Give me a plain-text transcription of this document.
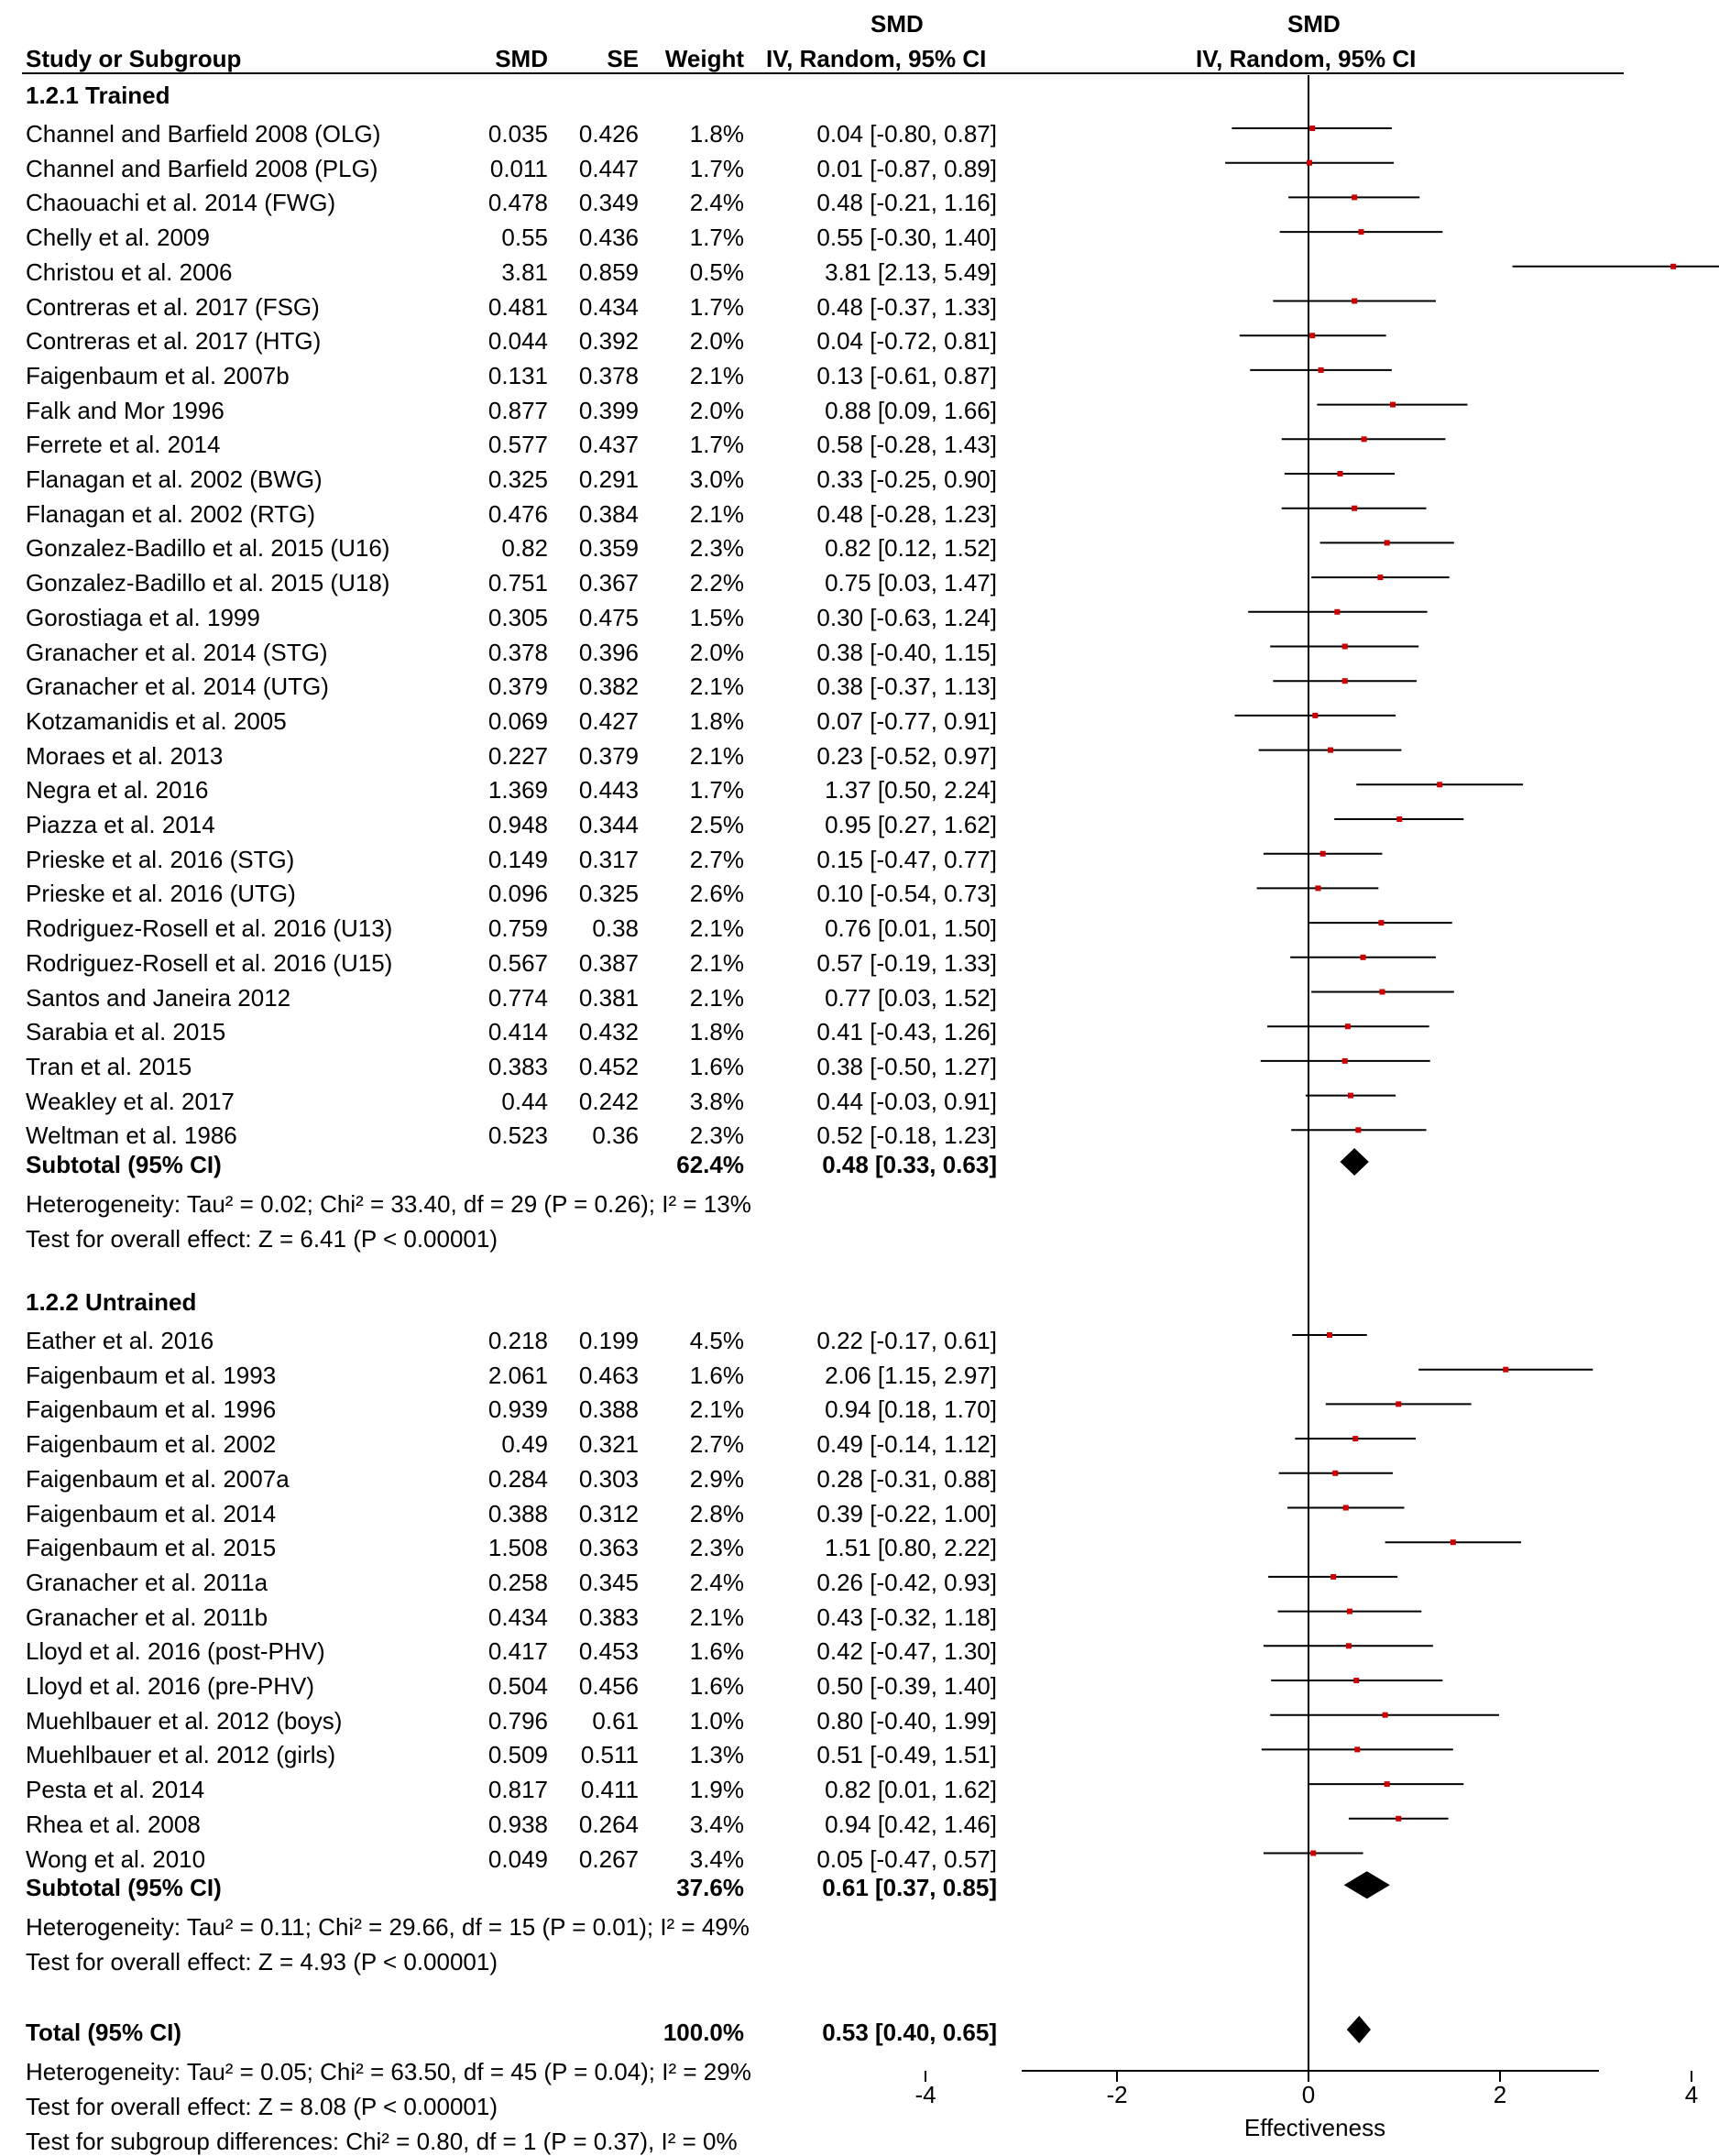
Study or Subgroup	SMD SE Weight
SMD
IV, Random, 95% CI
SMD
IV, Random, 95% CI
1.2.1 Trained
Channel and Barfield 2008 (OLG)	0.035 0.426 1.8%	0.04 [-0.80, 0.87]
Channel and Barfield 2008 (PLG)	0.011 0.447 1.7%	0.01 [-0.87, 0.89]
Chaouachi et al. 2014 (FWG)	0.478 0.349 2.4%	0.48 [-0.21, 1.16]
Chelly et al. 2009	0.55 0.436 1.7%	0.55 [-0.30, 1.40]
Christou et al. 2006	3.81 0.859 0.5%	3.81 [2.13, 5.49]
Contreras et al. 2017 (FSG)	0.481 0.434 1.7%	0.48 [-0.37, 1.33]
Contreras et al. 2017 (HTG)	0.044 0.392 2.0%	0.04 [-0.72, 0.81]
Faigenbaum et al. 2007b	0.131 0.378 2.1%	0.13 [-0.61, 0.87]
Falk and Mor 1996	0.877 0.399 2.0%	0.88 [0.09, 1.66]
Ferrete et al. 2014	0.577 0.437 1.7%	0.58 [-0.28, 1.43]
Flanagan et al. 2002 (BWG)	0.325 0.291 3.0%	0.33 [-0.25, 0.90]
Flanagan et al. 2002 (RTG)	0.476 0.384 2.1%	0.48 [-0.28, 1.23]
Gonzalez-Badillo et al. 2015 (U16)	0.82 0.359 2.3%	0.82 [0.12, 1.52]
Gonzalez-Badillo et al. 2015 (U18)	0.751 0.367 2.2%	0.75 [0.03, 1.47]
Gorostiaga et al. 1999	0.305 0.475 1.5%	0.30 [-0.63, 1.24]
Granacher et al. 2014 (STG)	0.378 0.396 2.0%	0.38 [-0.40, 1.15]
Granacher et al. 2014 (UTG)	0.379 0.382 2.1%	0.38 [-0.37, 1.13]
Kotzamanidis et al. 2005	0.069 0.427 1.8%	0.07 [-0.77, 0.91]
Moraes et al. 2013	0.227 0.379 2.1%	0.23 [-0.52, 0.97]
Negra et al. 2016	1.369 0.443 1.7%	1.37 [0.50, 2.24]
Piazza et al. 2014	0.948 0.344 2.5%	0.95 [0.27, 1.62]
Prieske et al. 2016 (STG)	0.149 0.317 2.7%	0.15 [-0.47, 0.77]
Prieske et al. 2016 (UTG)	0.096 0.325 2.6%	0.10 [-0.54, 0.73]
Rodriguez-Rosell et al. 2016 (U13)	0.759 0.38 2.1%	0.76 [0.01, 1.50]
Rodriguez-Rosell et al. 2016 (U15)	0.567 0.387 2.1%	0.57 [-0.19, 1.33]
Santos and Janeira 2012	0.774 0.381 2.1%	0.77 [0.03, 1.52]
Sarabia et al. 2015	0.414 0.432 1.8%	0.41 [-0.43, 1.26]
Tran et al. 2015	0.383 0.452 1.6%	0.38 [-0.50, 1.27]
Weakley et al. 2017	0.44 0.242 3.8%	0.44 [-0.03, 0.91]
Weltman et al. 1986	0.523 0.36 2.3%	0.52 [-0.18, 1.23]
Subtotal (95% CI)	62.4%	0.48 [0.33, 0.63]
Heterogeneity: Tau² = 0.02; Chi² = 33.40, df = 29 (P = 0.26); I² = 13%
Test for overall effect: Z = 6.41 (P < 0.00001)
1.2.2 Untrained
Eather et al. 2016	0.218 0.199 4.5%	0.22 [-0.17, 0.61]
Faigenbaum et al. 1993	2.061 0.463 1.6%	2.06 [1.15, 2.97]
Faigenbaum et al. 1996	0.939 0.388 2.1%	0.94 [0.18, 1.70]
Faigenbaum et al. 2002	0.49 0.321 2.7%	0.49 [-0.14, 1.12]
Faigenbaum et al. 2007a	0.284 0.303 2.9%	0.28 [-0.31, 0.88]
Faigenbaum et al. 2014	0.388 0.312 2.8%	0.39 [-0.22, 1.00]
Faigenbaum et al. 2015	1.508 0.363 2.3%	1.51 [0.80, 2.22]
Granacher et al. 2011a	0.258 0.345 2.4%	0.26 [-0.42, 0.93]
Granacher et al. 2011b	0.434 0.383 2.1%	0.43 [-0.32, 1.18]
Lloyd et al. 2016 (post-PHV)	0.417 0.453 1.6%	0.42 [-0.47, 1.30]
Lloyd et al. 2016 (pre-PHV)	0.504 0.456 1.6%	0.50 [-0.39, 1.40]
Muehlbauer et al. 2012 (boys)	0.796 0.61 1.0%	0.80 [-0.40, 1.99]
Muehlbauer et al. 2012 (girls)	0.509 0.511 1.3%	0.51 [-0.49, 1.51]
Pesta et al. 2014	0.817 0.411 1.9%	0.82 [0.01, 1.62]
Rhea et al. 2008	0.938 0.264 3.4%	0.94 [0.42, 1.46]
Wong et al. 2010	0.049 0.267 3.4%	0.05 [-0.47, 0.57]
Subtotal (95% CI)	37.6%	0.61 [0.37, 0.85]
Heterogeneity: Tau² = 0.11; Chi² = 29.66, df = 15 (P = 0.01); I² = 49%
Test for overall effect: Z = 4.93 (P < 0.00001)
Total (95% CI)	100.0%	0.53 [0.40, 0.65]
Heterogeneity: Tau² = 0.05; Chi² = 63.50, df = 45 (P = 0.04); I² = 29%
Test for overall effect: Z = 8.08 (P < 0.00001)
Test for subgroup differences: Chi² = 0.80, df = 1 (P = 0.37), I² = 0%
-4	-2	0	2	4
Effectiveness
